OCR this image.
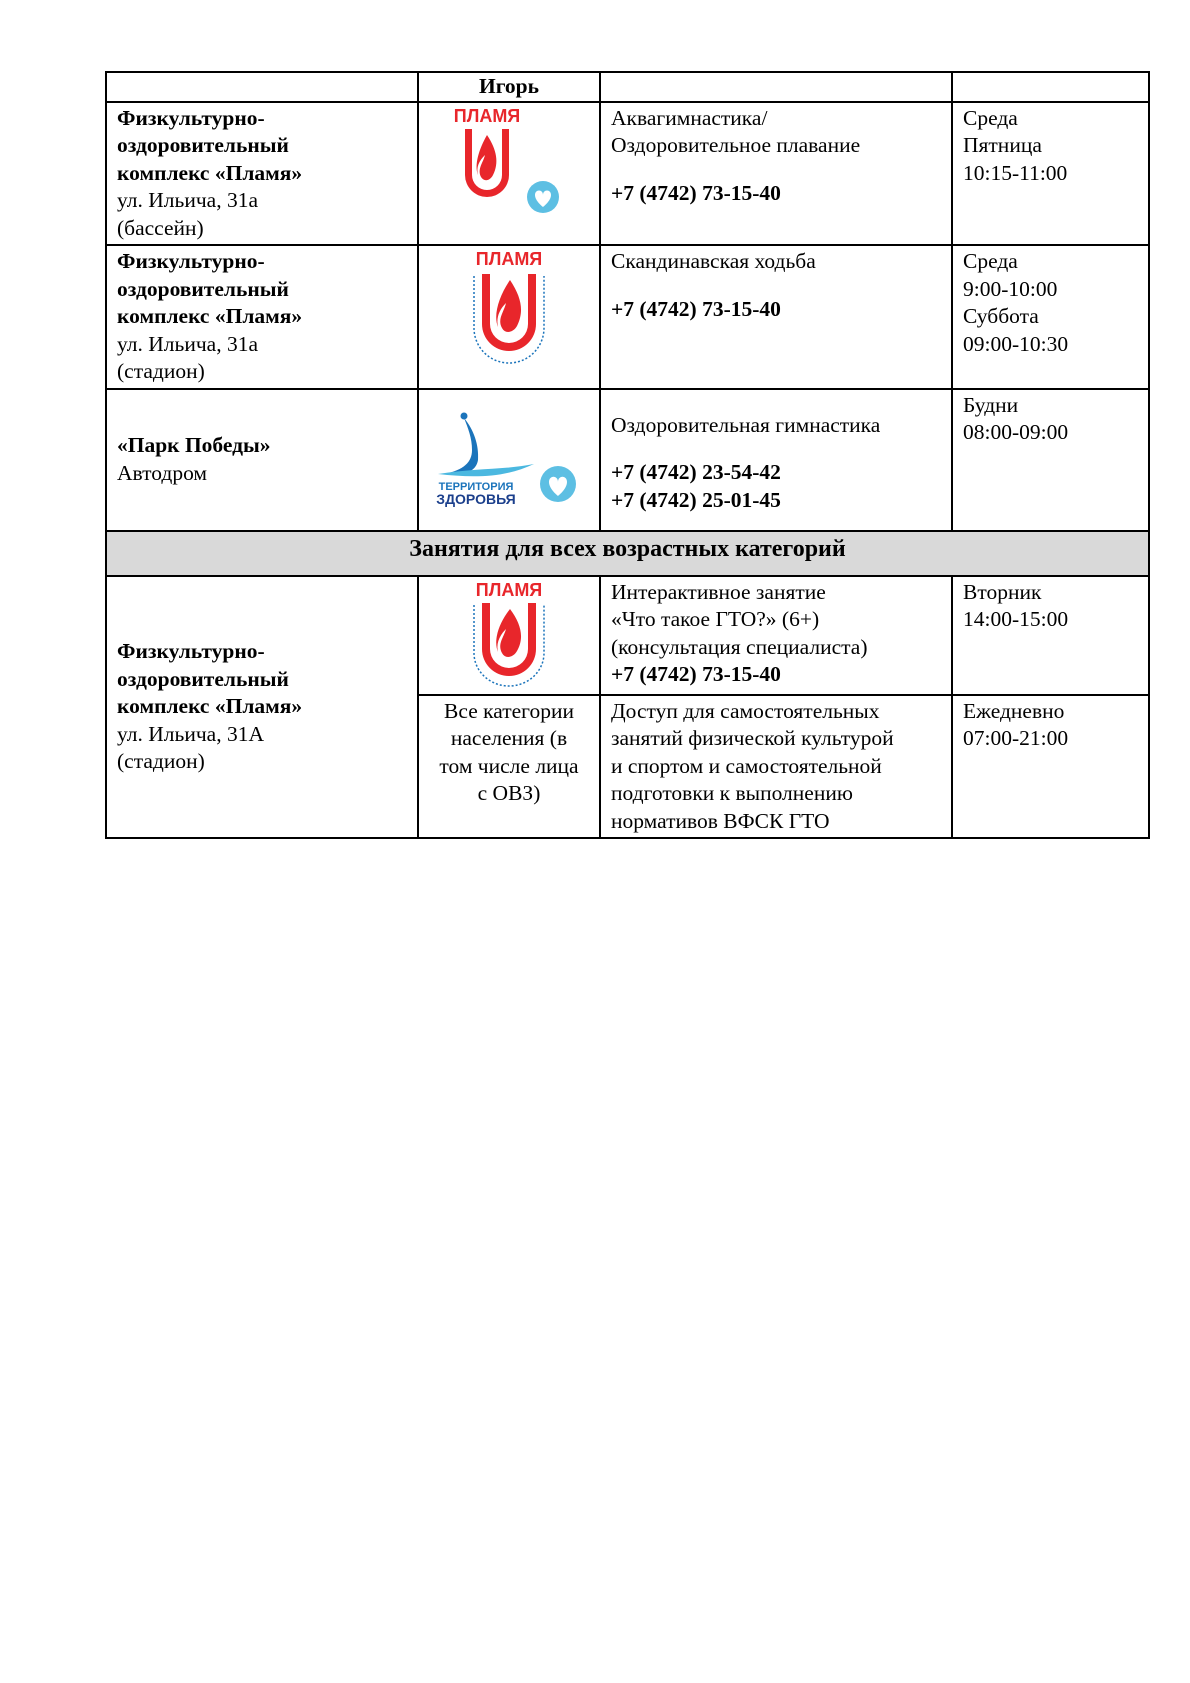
	Игорь		

Физкультурно-
оздоровительный
комплекс «Пламя»
ул. Ильича, 31а
(бассейн)	ПЛАМЯ	Аквагимнастика/
Оздоровительное плавание
+7 (4742) 73-15-40	Среда
Пятница
10:15-11:00

Физкультурно-
оздоровительный
комплекс «Пламя»
ул. Ильича, 31а
(стадион)	ПЛАМЯ	Скандинавская ходьба
+7 (4742) 73-15-40	Среда
9:00-10:00
Суббота
09:00-10:30

«Парк Победы»
Автодром	ТЕРРИТОРИЯ
ЗДОРОВЬЯ	Оздоровительная гимнастика
+7 (4742) 23-54-42
+7 (4742) 25-01-45	Будни
08:00-09:00

Занятия для всех возрастных категорий			

Физкультурно-
оздоровительный
комплекс «Пламя»
ул. Ильича, 31А
(стадион)	ПЛАМЯ	Интерактивное занятие
«Что такое ГТО?» (6+)
(консультация специалиста)
+7 (4742) 73-15-40	Вторник
14:00-15:00

	Все категории
населения (в
том числе лица
с ОВЗ)	Доступ для самостоятельных
занятий физической культурой
и спортом и самостоятельной
подготовки к выполнению
нормативов ВФСК ГТО	Ежедневно
07:00-21:00
